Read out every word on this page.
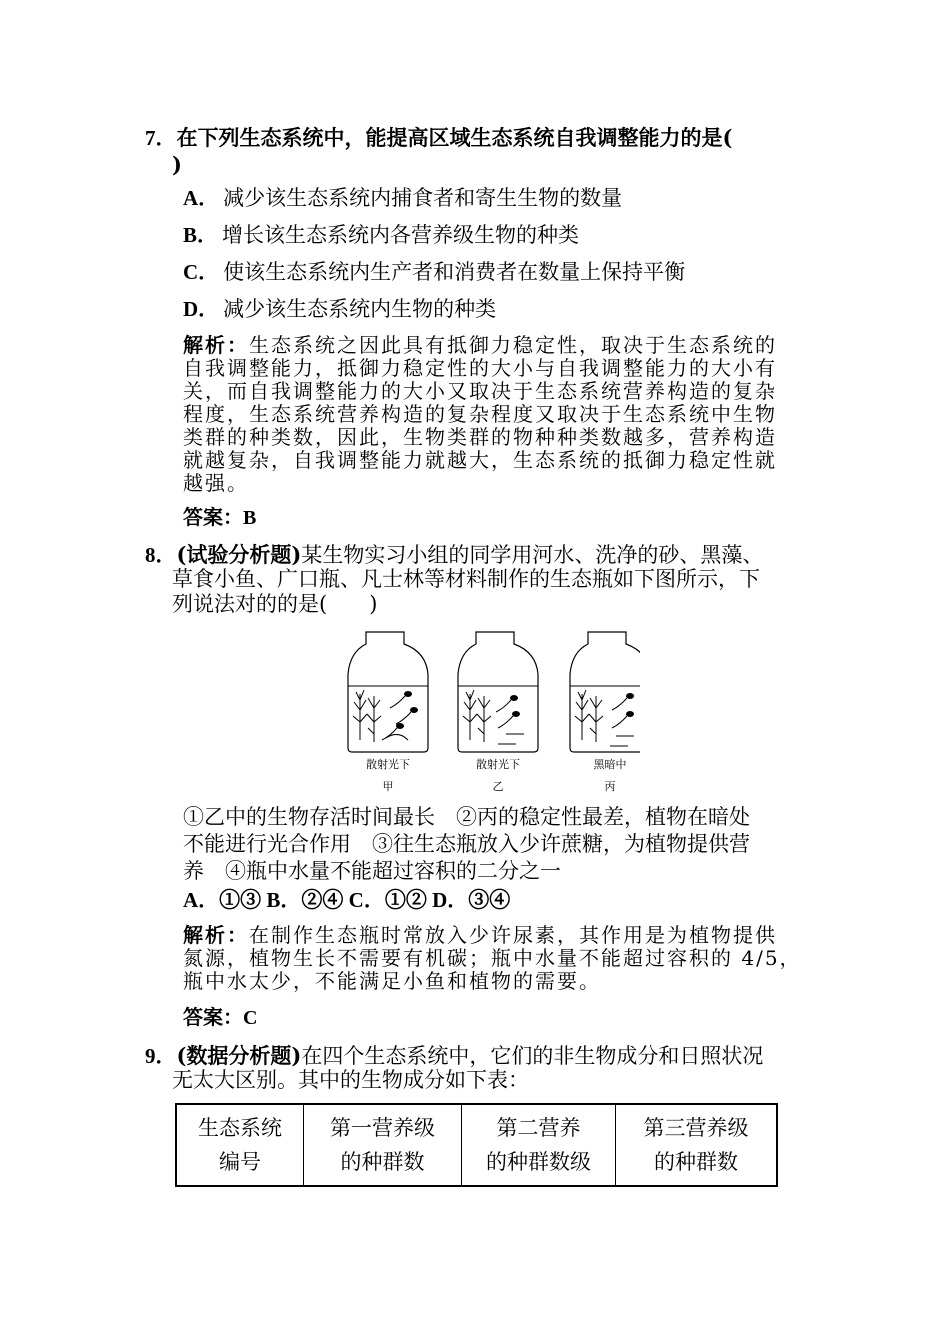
7．在下列生态系统中，能提高区域生态系统自我调整能力的是(
)
A． 减少该生态系统内捕食者和寄生生物的数量
B． 增长该生态系统内各营养级生物的种类
C． 使该生态系统内生产者和消费者在数量上保持平衡
D． 减少该生态系统内生物的种类
解析：生态系统之因此具有抵御力稳定性，取决于生态系统的
自我调整能力，抵御力稳定性的大小与自我调整能力的大小有
关，而自我调整能力的大小又取决于生态系统营养构造的复杂
程度，生态系统营养构造的复杂程度又取决于生态系统中生物
类群的种类数，因此，生物类群的物种种类数越多，营养构造
就越复杂，自我调整能力就越大，生态系统的抵御力稳定性就
越强。
答案：B
8．(试验分析题)某生物实习小组的同学用河水、洗净的砂、黑藻、
草食小鱼、广口瓶、凡士林等材料制作的生态瓶如下图所示，下
列说法对的的是(　　)
散射光下
甲
散射光下
乙
黑暗中
丙
①乙中的生物存活时间最长　②丙的稳定性最差，植物在暗处
不能进行光合作用　③往生态瓶放入少许蔗糖，为植物提供营
养　④瓶中水量不能超过容积的二分之一
A．①③ B．②④ C．①② D．③④
解析：在制作生态瓶时常放入少许尿素，其作用是为植物提供
氮源，植物生长不需要有机碳；瓶中水量不能超过容积的 4/5，
瓶中水太少，不能满足小鱼和植物的需要。
答案：C
9．(数据分析题)在四个生态系统中，它们的非生物成分和日照状况
无太大区别。其中的生物成分如下表：
生态系统
编号

第一营养级
的种群数

第二营养
的种群数级

第三营养级
的种群数
